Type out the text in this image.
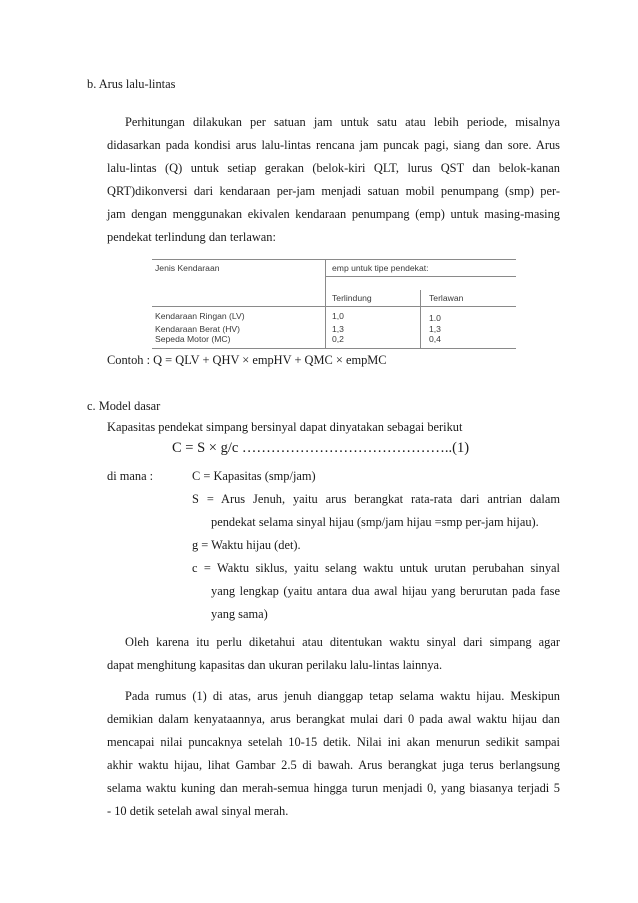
b. Arus lalu-lintas
Perhitungan dilakukan per satuan jam untuk satu atau lebih periode, misalnya
didasarkan pada kondisi arus lalu-lintas rencana jam puncak pagi, siang dan sore. Arus
lalu-lintas (Q) untuk setiap gerakan (belok-kiri QLT, lurus QST dan belok-kanan
QRT)dikonversi dari kendaraan per-jam menjadi satuan mobil penumpang (smp) per-
jam dengan menggunakan ekivalen kendaraan penumpang (emp) untuk masing-masing
pendekat terlindung dan terlawan:
Jenis Kendaraan	emp untuk tipe pendekat:	

	Terlindung	Terlawan
Kendaraan Ringan (LV)	1,0	1.0
Kendaraan Berat (HV)	1,3	1,3
Sepeda Motor (MC)	0,2	0,4
Contoh : Q = QLV + QHV × empHV + QMC × empMC
c. Model dasar
Kapasitas pendekat simpang bersinyal dapat dinyatakan sebagai berikut
C = S × g/c ……………………………………..(1)
di mana :	C = Kapasitas (smp/jam)
S = Arus Jenuh, yaitu arus berangkat rata-rata dari antrian dalam
pendekat selama sinyal hijau (smp/jam hijau =smp per-jam hijau).
g = Waktu hijau (det).
c = Waktu siklus, yaitu selang waktu untuk urutan perubahan sinyal
yang lengkap (yaitu antara dua awal hijau yang berurutan pada fase
yang sama)
Oleh karena itu perlu diketahui atau ditentukan waktu sinyal dari simpang agar
dapat menghitung kapasitas dan ukuran perilaku lalu-lintas lainnya.
Pada rumus (1) di atas, arus jenuh dianggap tetap selama waktu hijau. Meskipun
demikian dalam kenyataannya, arus berangkat mulai dari 0 pada awal waktu hijau dan
mencapai nilai puncaknya setelah 10-15 detik. Nilai ini akan menurun sedikit sampai
akhir waktu hijau, lihat Gambar 2.5 di bawah. Arus berangkat juga terus berlangsung
selama waktu kuning dan merah-semua hingga turun menjadi 0, yang biasanya terjadi 5
- 10 detik setelah awal sinyal merah.
